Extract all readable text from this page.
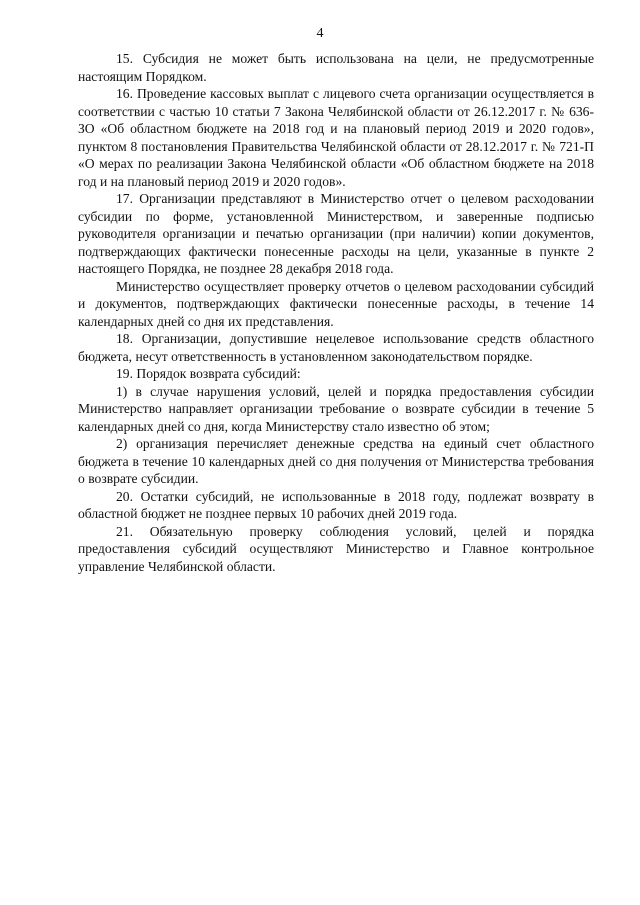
4

15. Субсидия не может быть использована на цели, не предусмотренные настоящим Порядком.

16. Проведение кассовых выплат с лицевого счета организации осуществляется в соответствии с частью 10 статьи 7 Закона Челябинской области от 26.12.2017 г. № 636-ЗО «Об областном бюджете на 2018 год и на плановый период 2019 и 2020 годов», пунктом 8 постановления Правительства Челябинской области от 28.12.2017 г. № 721-П «О мерах по реализации Закона Челябинской области «Об областном бюджете на 2018 год и на плановый период 2019 и 2020 годов».

17. Организации представляют в Министерство отчет о целевом расходовании субсидии по форме, установленной Министерством, и заверенные подписью руководителя организации и печатью организации (при наличии) копии документов, подтверждающих фактически понесенные расходы на цели, указанные в пункте 2 настоящего Порядка, не позднее 28 декабря 2018 года.

Министерство осуществляет проверку отчетов о целевом расходовании субсидий и документов, подтверждающих фактически понесенные расходы, в течение 14 календарных дней со дня их представления.

18. Организации, допустившие нецелевое использование средств областного бюджета, несут ответственность в установленном законодательством порядке.

19. Порядок возврата субсидий:

1) в случае нарушения условий, целей и порядка предоставления субсидии Министерство направляет организации требование о возврате субсидии в течение 5 календарных дней со дня, когда Министерству стало известно об этом;

2) организация перечисляет денежные средства на единый счет областного бюджета в течение 10 календарных дней со дня получения от Министерства требования о возврате субсидии.

20. Остатки субсидий, не использованные в 2018 году, подлежат возврату в областной бюджет не позднее первых 10 рабочих дней 2019 года.

21. Обязательную проверку соблюдения условий, целей и порядка предоставления субсидий осуществляют Министерство и Главное контрольное управление Челябинской области.
